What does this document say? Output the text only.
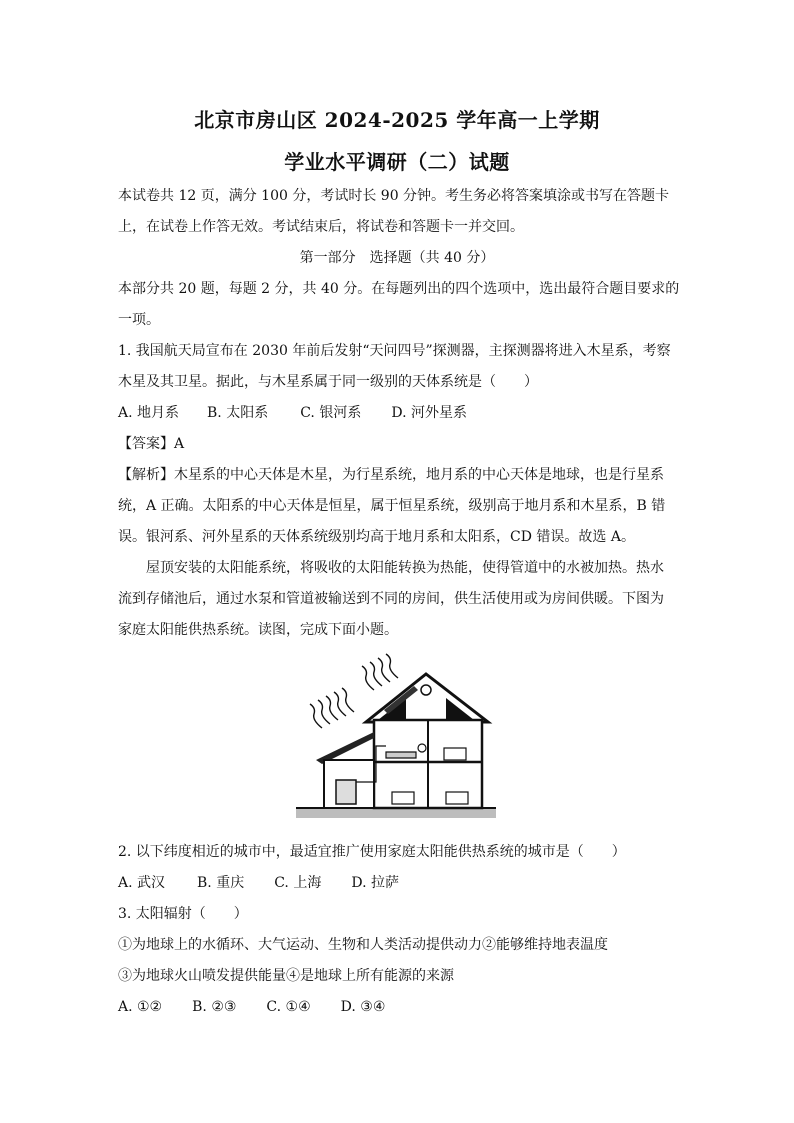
北京市房山区 2024-2025 学年高一上学期
学业水平调研（二）试题
本试卷共 12 页，满分 100 分，考试时长 90 分钟。考生务必将答案填涂或书写在答题卡
上，在试卷上作答无效。考试结束后，将试卷和答题卡一并交回。
第一部分　选择题（共 40 分）
本部分共 20 题，每题 2 分，共 40 分。在每题列出的四个选项中，选出最符合题目要求的
一项。
1. 我国航天局宣布在 2030 年前后发射“天问四号”探测器，主探测器将进入木星系，考察
木星及其卫星。据此，与木星系属于同一级别的天体系统是（　　）
A. 地月系 B. 太阳系 C. 银河系 D. 河外星系
【答案】A
【解析】木星系的中心天体是木星，为行星系统，地月系的中心天体是地球，也是行星系
统，A 正确。太阳系的中心天体是恒星，属于恒星系统，级别高于地月系和木星系，B 错
误。银河系、河外星系的天体系统级别均高于地月系和太阳系，CD 错误。故选 A。
　　屋顶安装的太阳能系统，将吸收的太阳能转换为热能，使得管道中的水被加热。热水
流到存储池后，通过水泵和管道被输送到不同的房间，供生活使用或为房间供暖。下图为
家庭太阳能供热系统。读图，完成下面小题。
2. 以下纬度相近的城市中，最适宜推广使用家庭太阳能供热系统的城市是（　　）
A. 武汉 B. 重庆 C. 上海 D. 拉萨
3. 太阳辐射（　　）
①为地球上的水循环、大气运动、生物和人类活动提供动力②能够维持地表温度
③为地球火山喷发提供能量④是地球上所有能源的来源
A. ①② B. ②③ C. ①④ D. ③④
